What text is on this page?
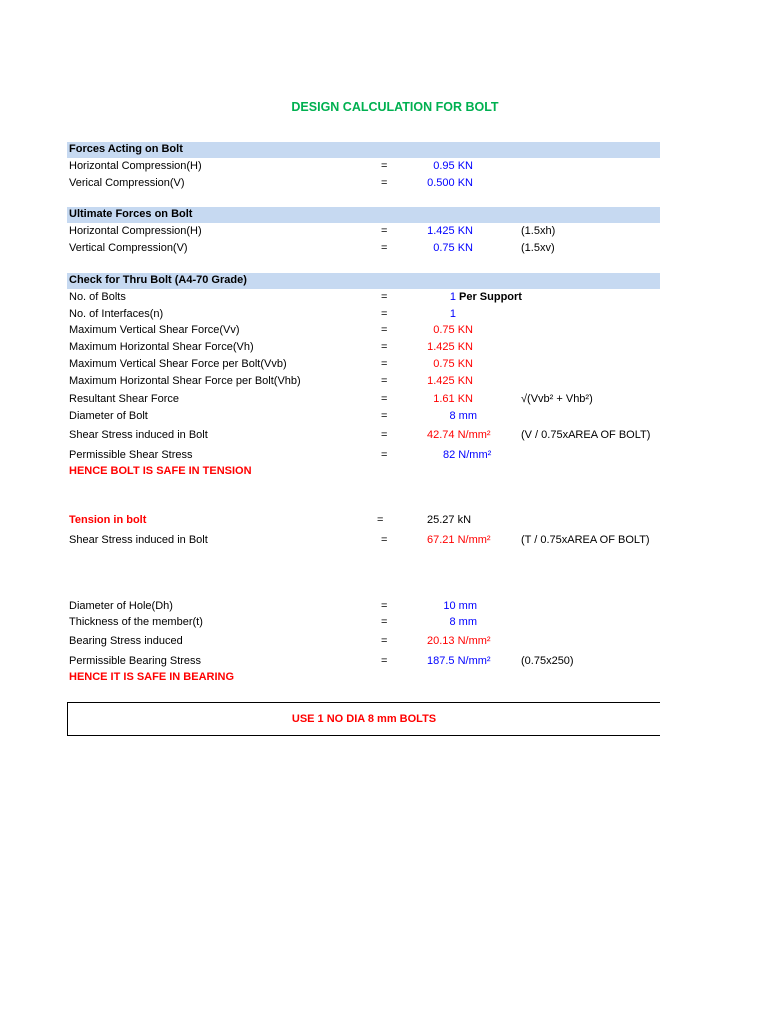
DESIGN CALCULATION FOR BOLT
Forces Acting on Bolt
Horizontal Compression(H)	=	0.95 KN
Verical Compression(V)	=	0.500 KN
Ultimate Forces on Bolt
Horizontal Compression(H)	=	1.425 KN	(1.5xh)
Vertical Compression(V)	=	0.75 KN	(1.5xv)
Check for Thru Bolt (A4-70 Grade)
No. of Bolts	=	1 Per Support
No. of Interfaces(n)	=	1
Maximum Vertical Shear Force(Vv)	=	0.75 KN
Maximum Horizontal Shear Force(Vh)	=	1.425 KN
Maximum Vertical Shear Force per Bolt(Vvb)	=	0.75 KN
Maximum Horizontal Shear Force per Bolt(Vhb)	=	1.425 KN
Resultant Shear Force	=	1.61 KN	√(Vvb² + Vhb²)
Diameter of Bolt	=	8 mm
Shear Stress induced in Bolt	=	42.74 N/mm²	(V / 0.75xAREA OF BOLT)
Permissible Shear Stress	=	82 N/mm²
HENCE BOLT IS SAFE IN TENSION
Tension in bolt	=	25.27 kN
Shear Stress induced in Bolt	=	67.21 N/mm²	(T / 0.75xAREA OF BOLT)
Diameter of Hole(Dh)	=	10 mm
Thickness of the member(t)	=	8 mm
Bearing Stress induced	=	20.13 N/mm²
Permissible Bearing Stress	=	187.5 N/mm²	(0.75x250)
HENCE IT IS SAFE IN BEARING
USE 1 NO DIA 8 mm BOLTS
